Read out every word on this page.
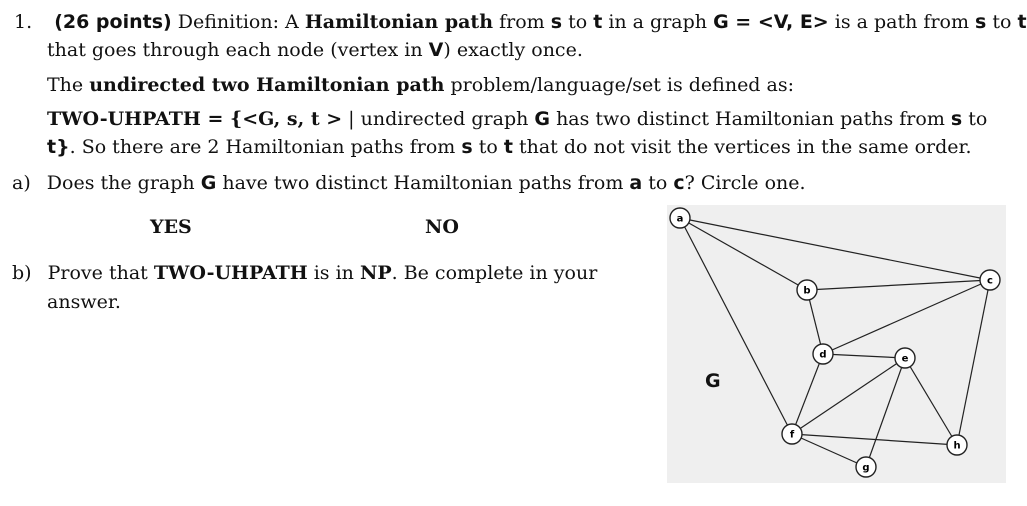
1. (26 points) Definition: A Hamiltonian path from s to t in a graph G = <V, E> is a path from s to t
that goes through each node (vertex in V) exactly once.
The undirected two Hamiltonian path problem/language/set is defined as:
TWO-UHPATH = {<G, s, t > | undirected graph G has two distinct Hamiltonian paths from s to
t}. So there are 2 Hamiltonian paths from s to t that do not visit the vertices in the same order.
a) Does the graph G have two distinct Hamiltonian paths from a to c? Circle one.
YES	NO
b) Prove that TWO-UHPATH is in NP. Be complete in your
answer.
a
b
c
d	e
f
g
h
G
